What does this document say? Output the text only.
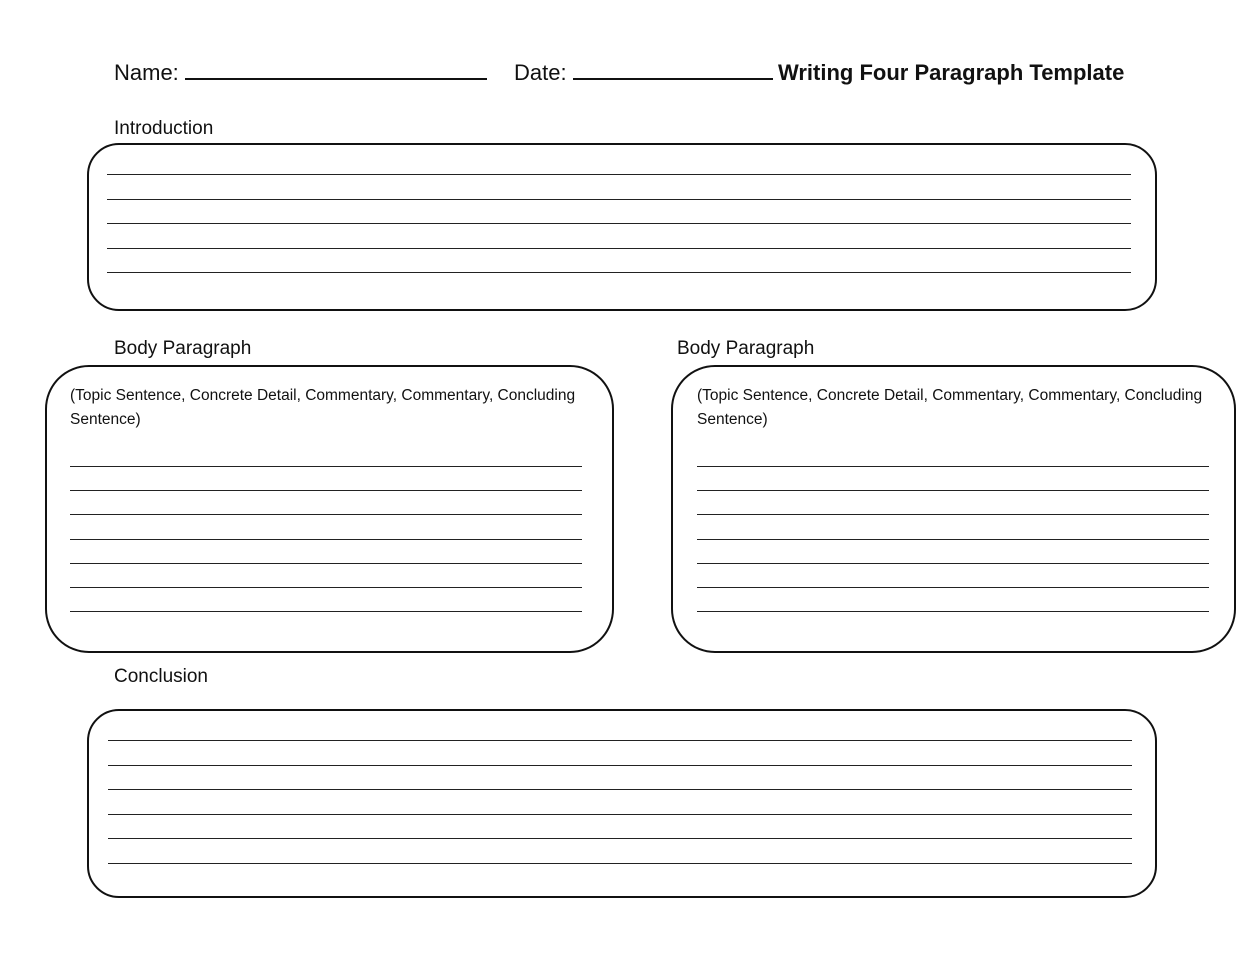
Name:	Date:	Writing Four Paragraph Template
Introduction
Body Paragraph
(Topic Sentence, Concrete Detail, Commentary, Commentary, Concluding Sentence)
Body Paragraph
(Topic Sentence, Concrete Detail, Commentary, Commentary, Concluding Sentence)
Conclusion
